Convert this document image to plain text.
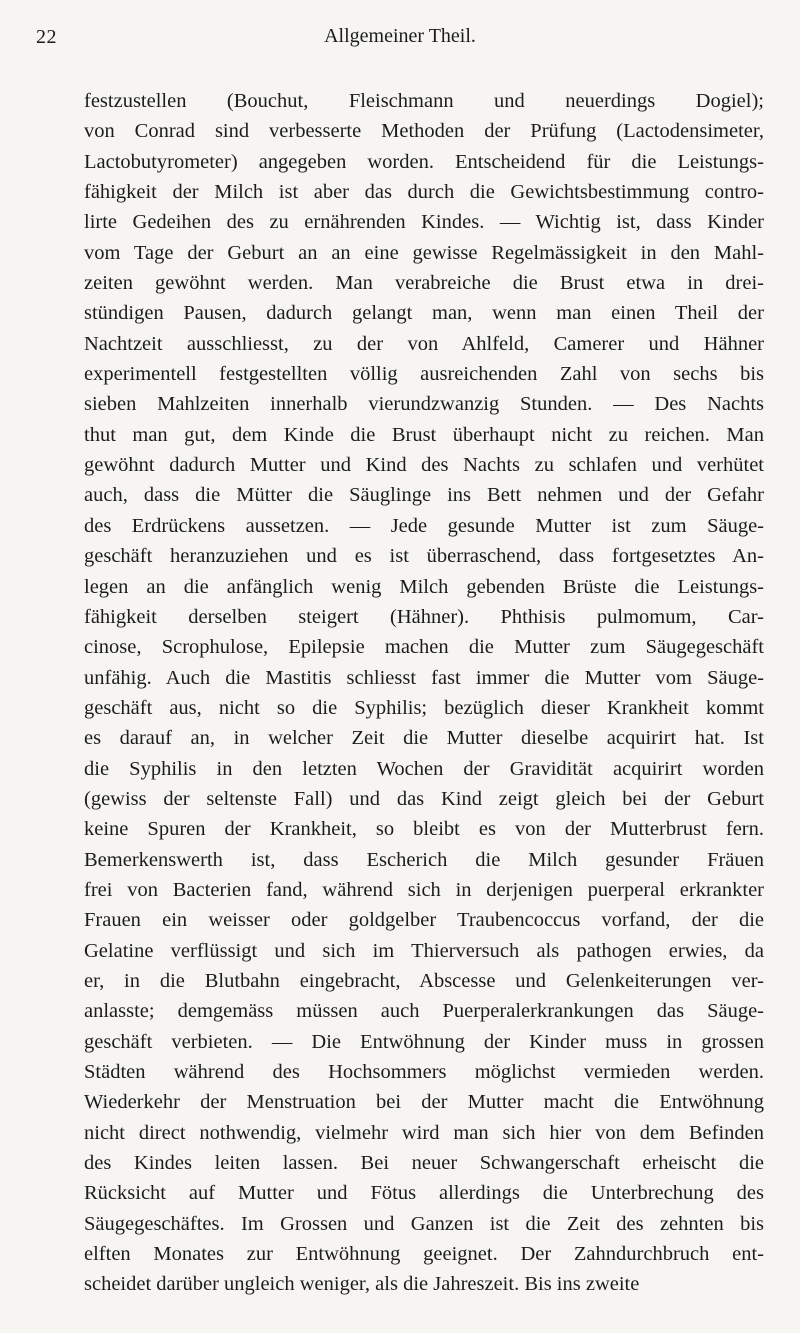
22	Allgemeiner Theil.
festzustellen (Bouchut, Fleischmann und neuerdings Dogiel);
von Conrad sind verbesserte Methoden der Prüfung (Lactodensimeter,
Lactobutyrometer) angegeben worden. Entscheidend für die Leistungs-
fähigkeit der Milch ist aber das durch die Gewichtsbestimmung contro-
lirte Gedeihen des zu ernährenden Kindes. — Wichtig ist, dass Kinder
vom Tage der Geburt an an eine gewisse Regelmässigkeit in den Mahl-
zeiten gewöhnt werden. Man verabreiche die Brust etwa in drei-
stündigen Pausen, dadurch gelangt man, wenn man einen Theil der
Nachtzeit ausschliesst, zu der von Ahlfeld, Camerer und Hähner
experimentell festgestellten völlig ausreichenden Zahl von sechs bis
sieben Mahlzeiten innerhalb vierundzwanzig Stunden. — Des Nachts
thut man gut, dem Kinde die Brust überhaupt nicht zu reichen. Man
gewöhnt dadurch Mutter und Kind des Nachts zu schlafen und verhütet
auch, dass die Mütter die Säuglinge ins Bett nehmen und der Gefahr
des Erdrückens aussetzen. — Jede gesunde Mutter ist zum Säuge-
geschäft heranzuziehen und es ist überraschend, dass fortgesetztes An-
legen an die anfänglich wenig Milch gebenden Brüste die Leistungs-
fähigkeit derselben steigert (Hähner). Phthisis pulmomum, Car-
cinose, Scrophulose, Epilepsie machen die Mutter zum Säugegeschäft
unfähig. Auch die Mastitis schliesst fast immer die Mutter vom Säuge-
geschäft aus, nicht so die Syphilis; bezüglich dieser Krankheit kommt
es darauf an, in welcher Zeit die Mutter dieselbe acquirirt hat. Ist
die Syphilis in den letzten Wochen der Gravidität acquirirt worden
(gewiss der seltenste Fall) und das Kind zeigt gleich bei der Geburt
keine Spuren der Krankheit, so bleibt es von der Mutterbrust fern.
Bemerkenswerth ist, dass Escherich die Milch gesunder Fräuen
frei von Bacterien fand, während sich in derjenigen puerperal erkrankter
Frauen ein weisser oder goldgelber Traubencoccus vorfand, der die
Gelatine verflüssigt und sich im Thierversuch als pathogen erwies, da
er, in die Blutbahn eingebracht, Abscesse und Gelenkeiterungen ver-
anlasste; demgemäss müssen auch Puerperalerkrankungen das Säuge-
geschäft verbieten. — Die Entwöhnung der Kinder muss in grossen
Städten während des Hochsommers möglichst vermieden werden.
Wiederkehr der Menstruation bei der Mutter macht die Entwöhnung
nicht direct nothwendig, vielmehr wird man sich hier von dem Befinden
des Kindes leiten lassen. Bei neuer Schwangerschaft erheischt die
Rücksicht auf Mutter und Fötus allerdings die Unterbrechung des
Säugegeschäftes. Im Grossen und Ganzen ist die Zeit des zehnten bis
elften Monates zur Entwöhnung geeignet. Der Zahndurchbruch ent-
scheidet darüber ungleich weniger, als die Jahreszeit. Bis ins zweite
